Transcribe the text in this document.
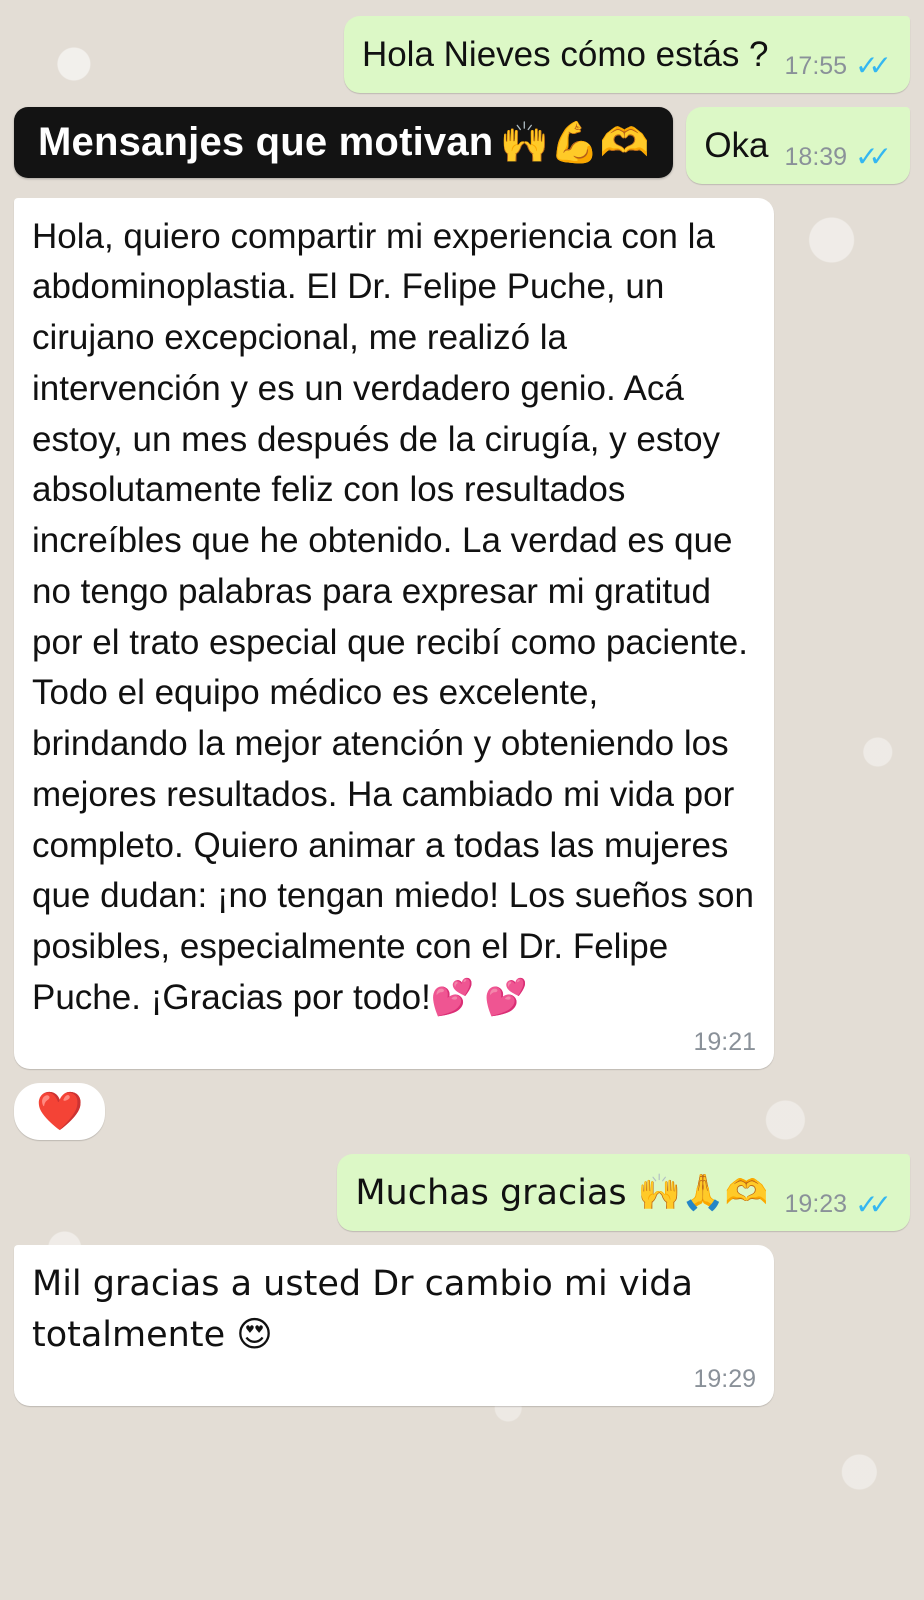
Hola Nieves cómo estás ? 17:55 ✓✓
Mensanjes que motivan 🙌💪🫶 Oka 18:39 ✓✓
Hola, quiero compartir mi experiencia con la abdominoplastia. El Dr. Felipe Puche, un cirujano excepcional, me realizó la intervención y es un verdadero genio. Acá estoy, un mes después de la cirugía, y estoy absolutamente feliz con los resultados increíbles que he obtenido. La verdad es que no tengo palabras para expresar mi gratitud por el trato especial que recibí como paciente. Todo el equipo médico es excelente, brindando la mejor atención y obteniendo los mejores resultados. Ha cambiado mi vida por completo. Quiero animar a todas las mujeres que dudan: ¡no tengan miedo! Los sueños son posibles, especialmente con el Dr. Felipe Puche. ¡Gracias por todo!💕 💕
19:21
❤️
Muchas gracias 🙌🙏🫶 19:23 ✓✓
Mil gracias a usted Dr cambio mi vida totalmente 😍
19:29
